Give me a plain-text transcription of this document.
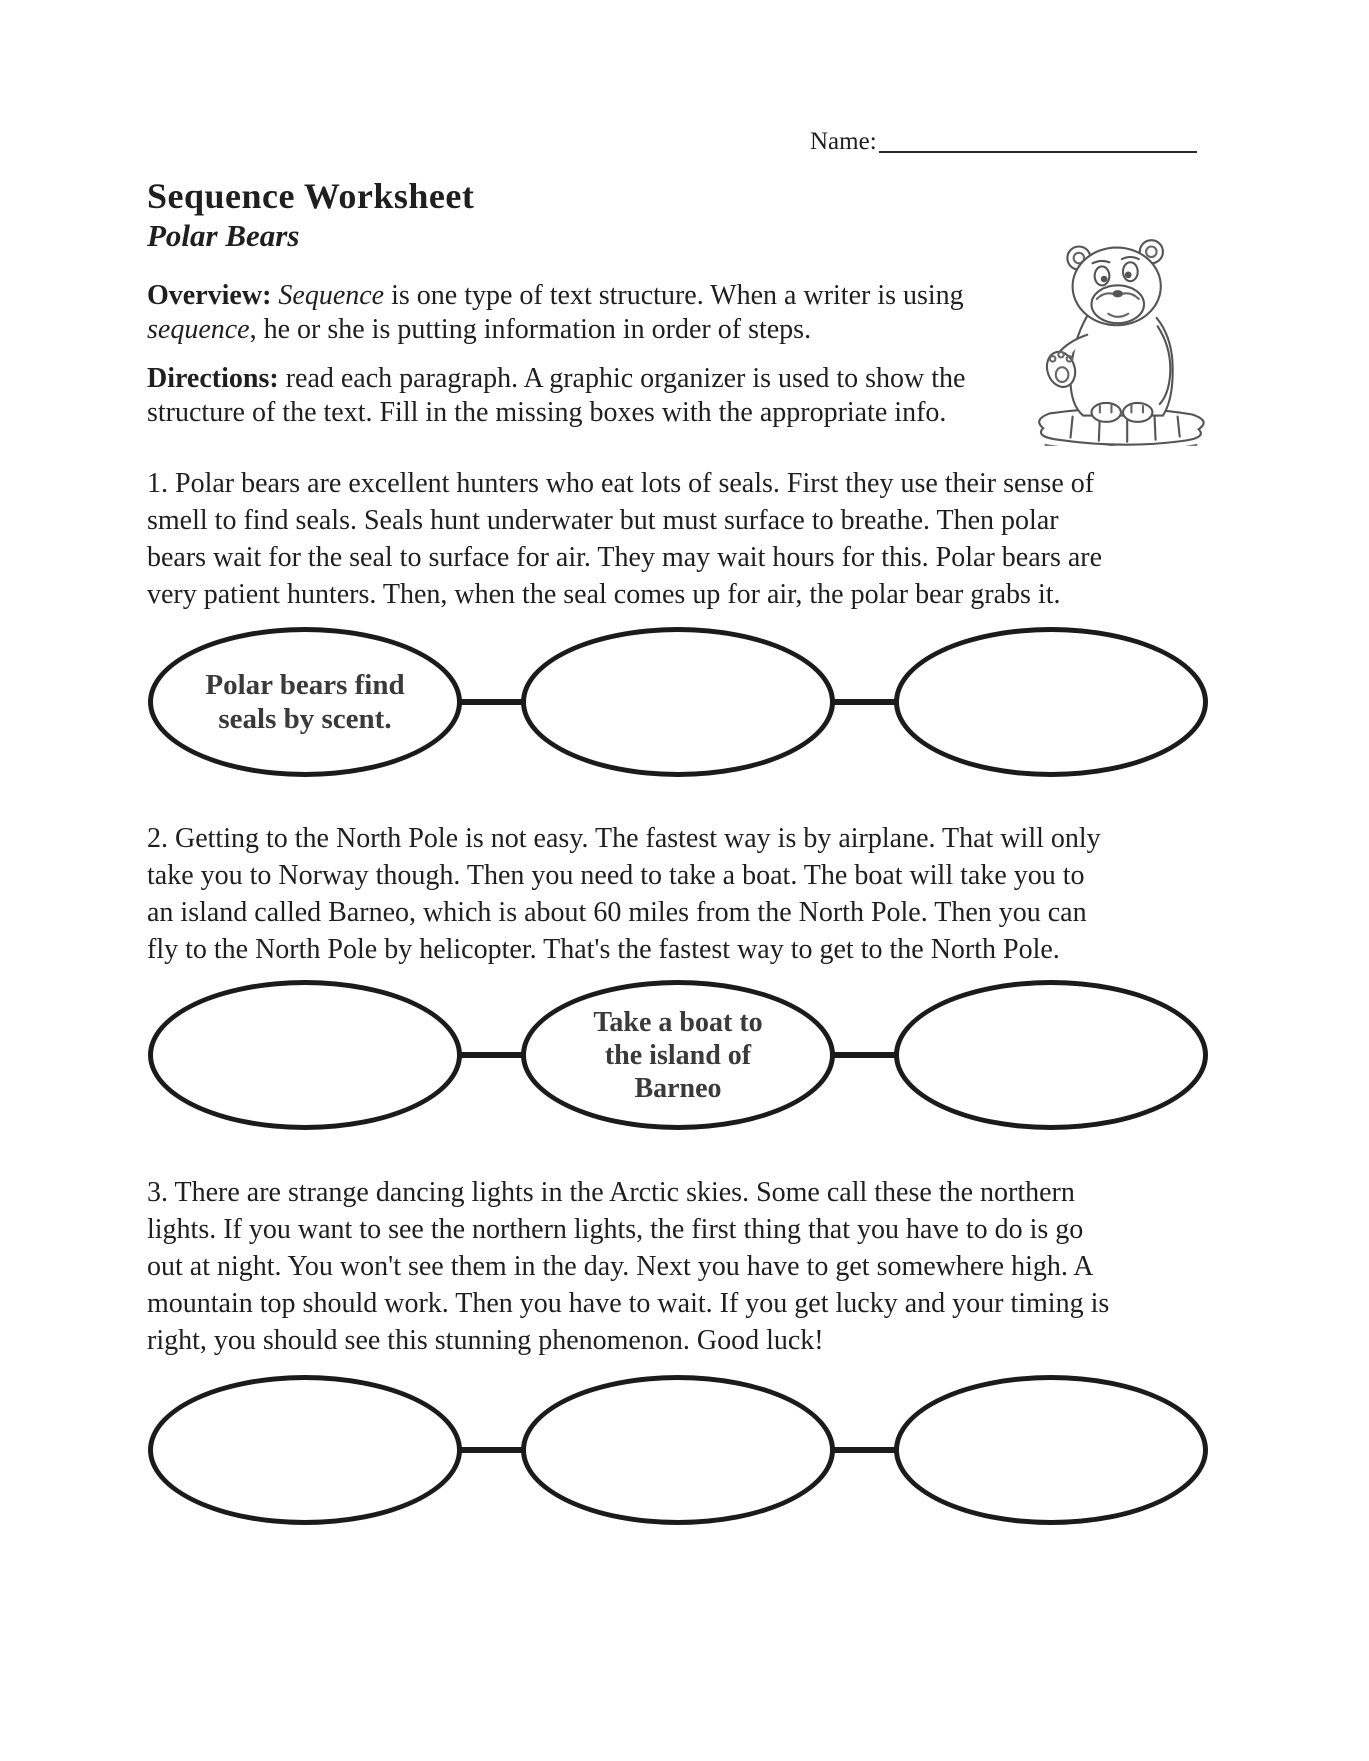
Name:
Sequence Worksheet
Polar Bears
Overview: Sequence is one type of text structure. When a writer is using
sequence, he or she is putting information in order of steps.
Directions: read each paragraph. A graphic organizer is used to show the
structure of the text. Fill in the missing boxes with the appropriate info.
1. Polar bears are excellent hunters who eat lots of seals. First they use their sense of
smell to find seals. Seals hunt underwater but must surface to breathe. Then polar
bears wait for the seal to surface for air. They may wait hours for this. Polar bears are
very patient hunters. Then, when the seal comes up for air, the polar bear grabs it.
Polar bears find
seals by scent.
2. Getting to the North Pole is not easy. The fastest way is by airplane. That will only
take you to Norway though. Then you need to take a boat. The boat will take you to
an island called Barneo, which is about 60 miles from the North Pole. Then you can
fly to the North Pole by helicopter. That's the fastest way to get to the North Pole.
Take a boat to
the island of
Barneo
3. There are strange dancing lights in the Arctic skies. Some call these the northern
lights. If you want to see the northern lights, the first thing that you have to do is go
out at night. You won't see them in the day. Next you have to get somewhere high. A
mountain top should work. Then you have to wait. If you get lucky and your timing is
right, you should see this stunning phenomenon. Good luck!
